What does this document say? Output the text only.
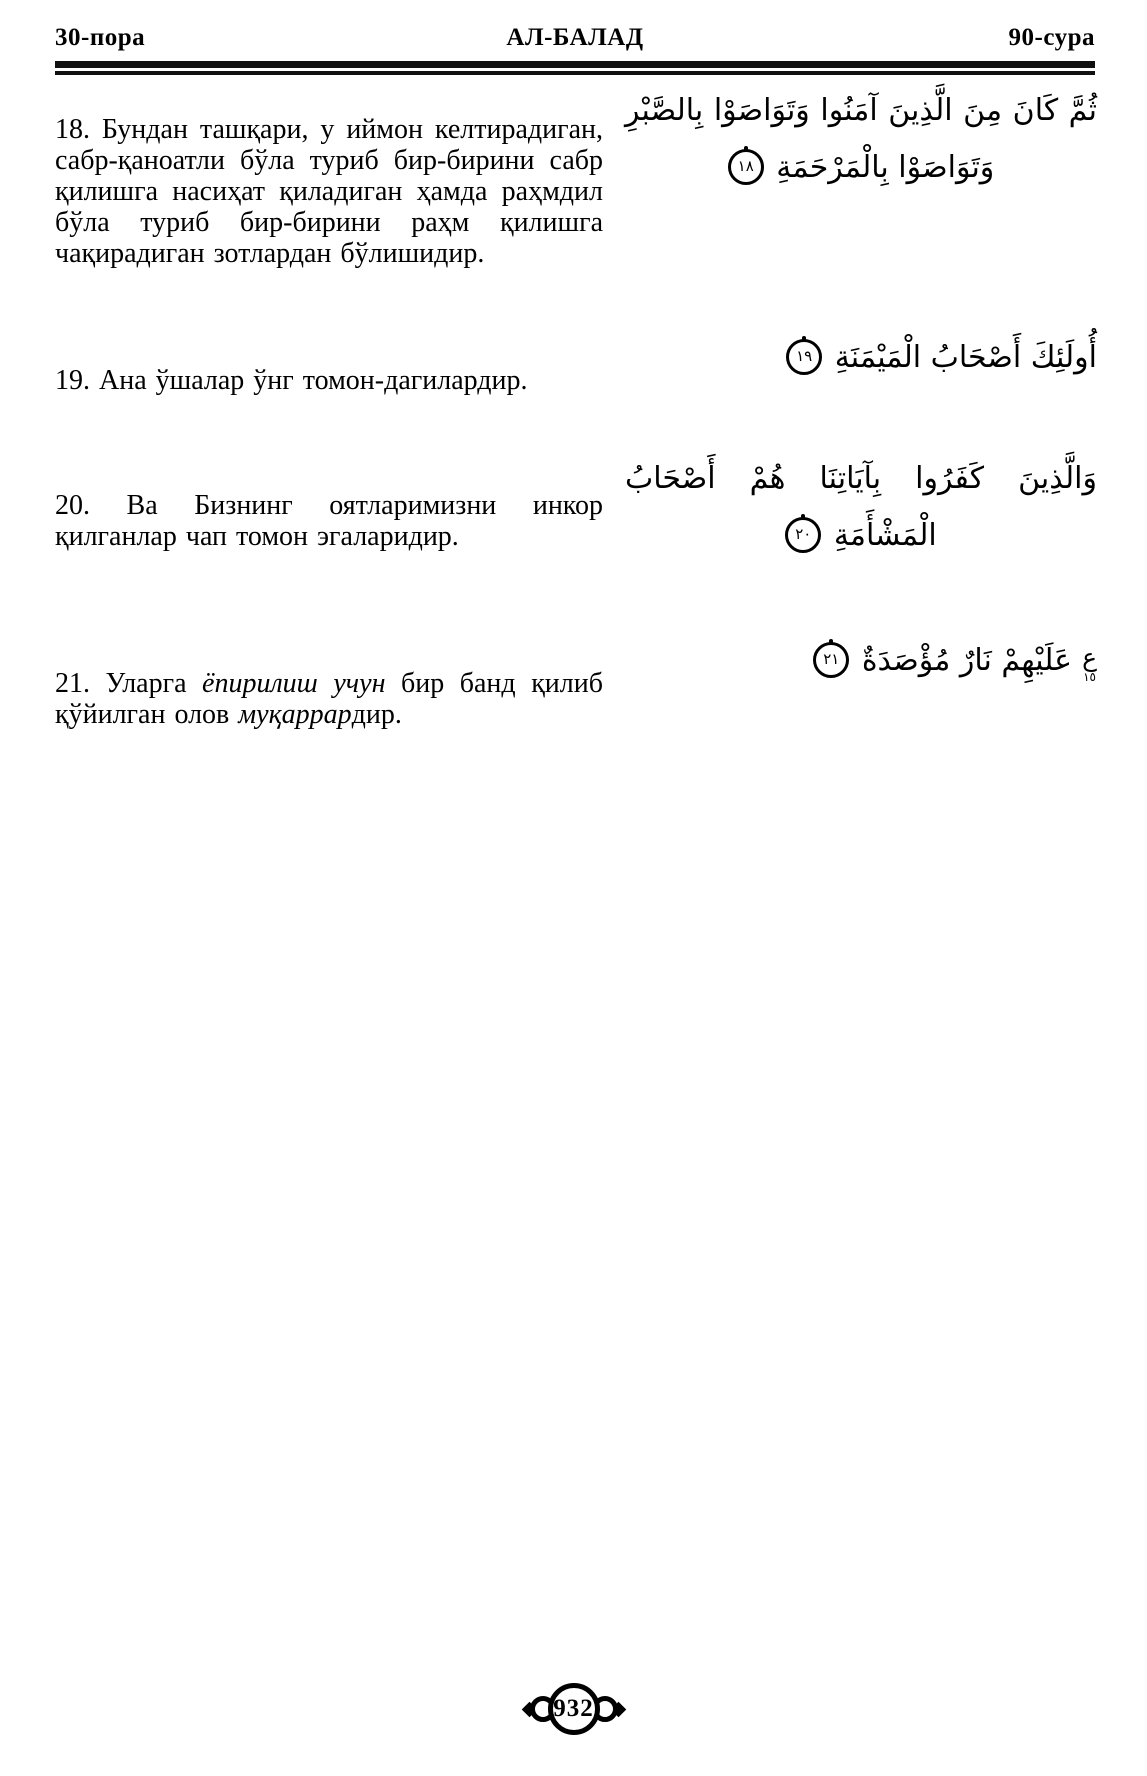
30-пора	АЛ-БАЛАД	90-сура

18. Бундан ташқари, у иймон келтирадиган, сабр-қаноатли бўла туриб бир-бирини сабр қилишга насиҳат қиладиган ҳамда раҳмдил бўла туриб бир-бирини раҳм қилишга чақирадиган зотлардан бўлишидир.

ثُمَّ كَانَ مِنَ الَّذِينَ آمَنُوا وَتَوَاصَوْا بِالصَّبْرِ وَتَوَاصَوْا بِالْمَرْحَمَةِ
١٨

19. Ана ўшалар ўнг томон-дагилардир.

أُولَئِكَ أَصْحَابُ الْمَيْمَنَةِ
١٩

20. Ва Бизнинг оятларимизни инкор қилганлар чап томон эгаларидир.

وَالَّذِينَ كَفَرُوا بِآيَاتِنَا هُمْ أَصْحَابُ الْمَشْأَمَةِ
٢٠

21. Уларга ёпирилиш учун бир банд қилиб қўйилган олов муқаррардир.

ع
١٥
عَلَيْهِمْ نَارٌ مُؤْصَدَةٌ
٢١

932
